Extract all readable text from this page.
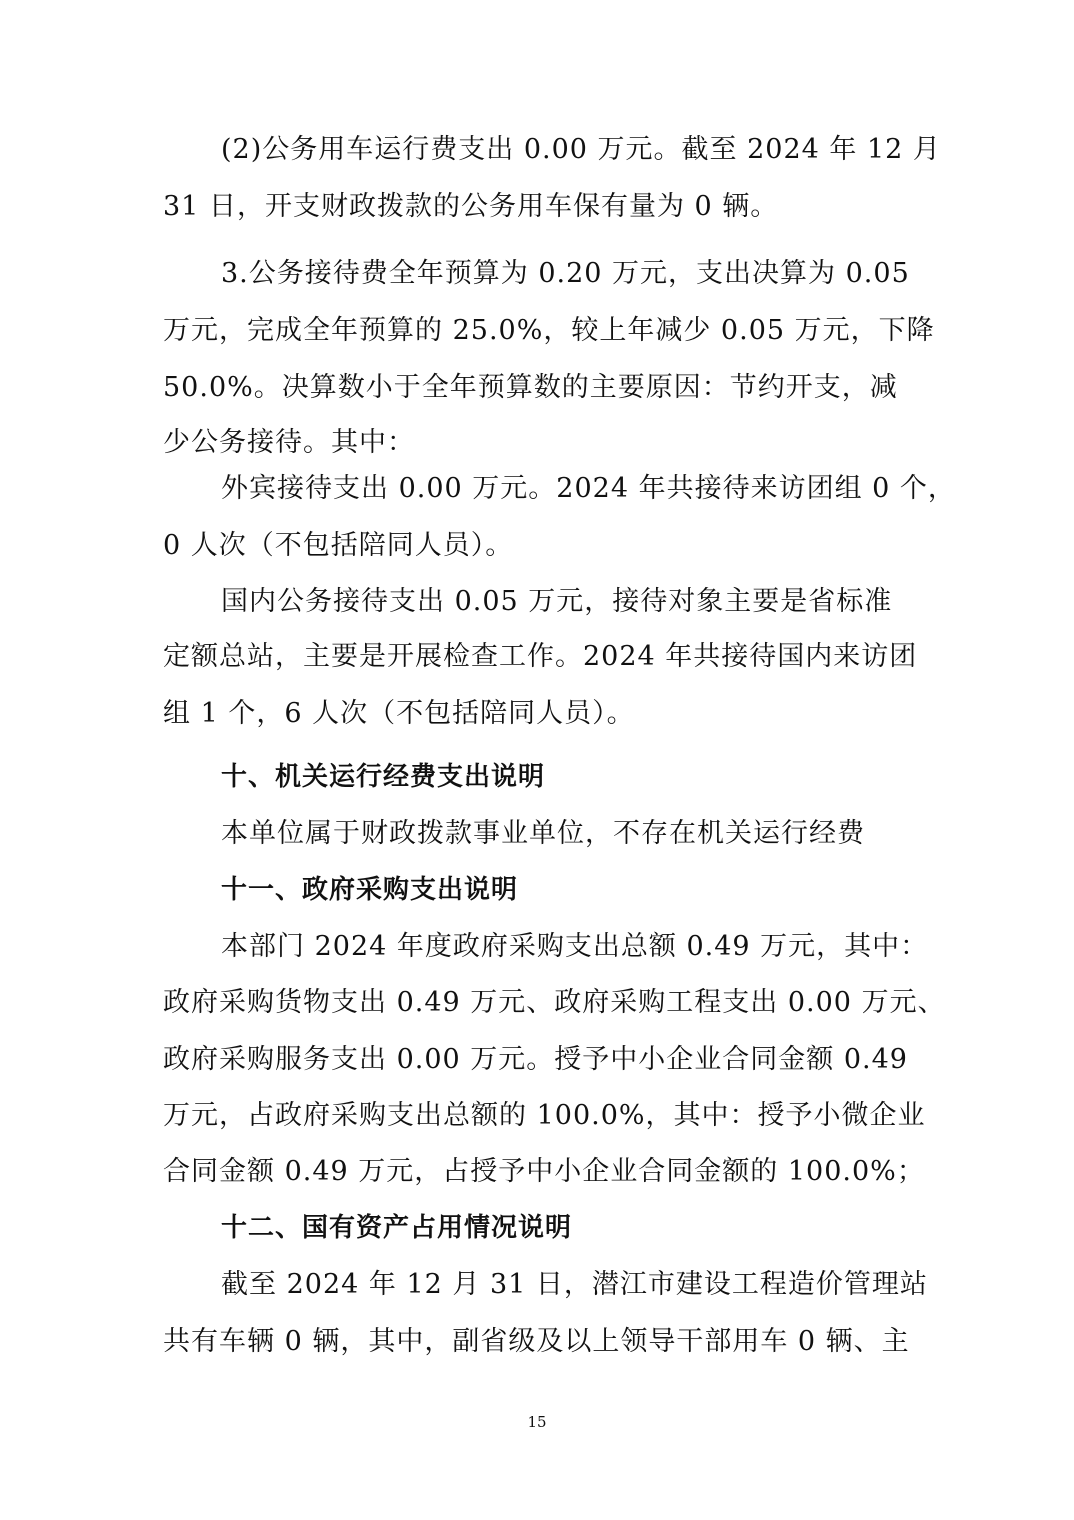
(2)公务用车运行费支出 0.00 万元。截至 2024 年 12 月
31 日，开支财政拨款的公务用车保有量为 0 辆。
3.公务接待费全年预算为 0.20 万元，支出决算为 0.05
万元，完成全年预算的 25.0%，较上年减少 0.05 万元，下降
50.0%。决算数小于全年预算数的主要原因：节约开支，减
少公务接待。其中：
外宾接待支出 0.00 万元。2024 年共接待来访团组 0 个，
0 人次（不包括陪同人员）。
国内公务接待支出 0.05 万元，接待对象主要是省标准
定额总站，主要是开展检查工作。2024 年共接待国内来访团
组 1 个，6 人次（不包括陪同人员）。
十、机关运行经费支出说明
本单位属于财政拨款事业单位，不存在机关运行经费
十一、政府采购支出说明
本部门 2024 年度政府采购支出总额 0.49 万元，其中：
政府采购货物支出 0.49 万元、政府采购工程支出 0.00 万元、
政府采购服务支出 0.00 万元。授予中小企业合同金额 0.49
万元，占政府采购支出总额的 100.0%，其中：授予小微企业
合同金额 0.49 万元，占授予中小企业合同金额的 100.0%；
十二、国有资产占用情况说明
截至 2024 年 12 月 31 日，潜江市建设工程造价管理站
共有车辆 0 辆，其中，副省级及以上领导干部用车 0 辆、主
15
